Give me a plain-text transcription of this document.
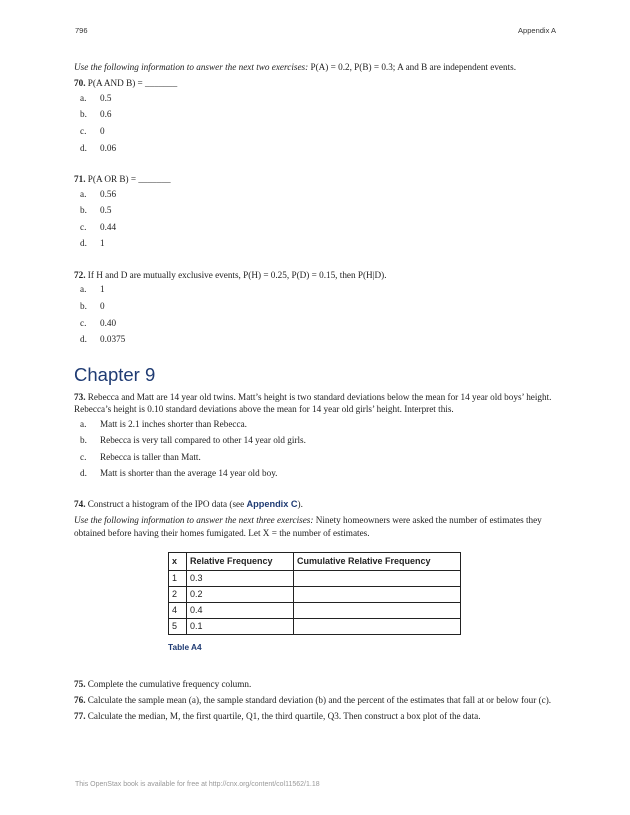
796	Appendix A

Use the following information to answer the next two exercises: P(A) = 0.2, P(B) = 0.3; A and B are independent events.

70. P(A AND B) = _______

a.	0.5
b.	0.6
c.	0
d.	0.06

71. P(A OR B) = _______

a.	0.56
b.	0.5
c.	0.44
d.	1

72. If H and D are mutually exclusive events, P(H) = 0.25, P(D) = 0.15, then P(H|D).

a.	1
b.	0
c.	0.40
d.	0.0375
Chapter 9

73. Rebecca and Matt are 14 year old twins. Matt’s height is two standard deviations below the mean for 14 year old boys’ height. Rebecca’s height is 0.10 standard deviations above the mean for 14 year old girls’ height. Interpret this.

a.	Matt is 2.1 inches shorter than Rebecca.
b.	Rebecca is very tall compared to other 14 year old girls.
c.	Rebecca is taller than Matt.
d.	Matt is shorter than the average 14 year old boy.

74. Construct a histogram of the IPO data (see Appendix C).

Use the following information to answer the next three exercises: Ninety homeowners were asked the number of estimates they obtained before having their homes fumigated. Let X = the number of estimates.

x	Relative Frequency	Cumulative Relative Frequency
1	0.3	
2	0.2	
4	0.4	
5	0.1	
Table A4

75. Complete the cumulative frequency column.

76. Calculate the sample mean (a), the sample standard deviation (b) and the percent of the estimates that fall at or below four (c).

77. Calculate the median, M, the first quartile, Q1, the third quartile, Q3. Then construct a box plot of the data.

This OpenStax book is available for free at http://cnx.org/content/col11562/1.18
